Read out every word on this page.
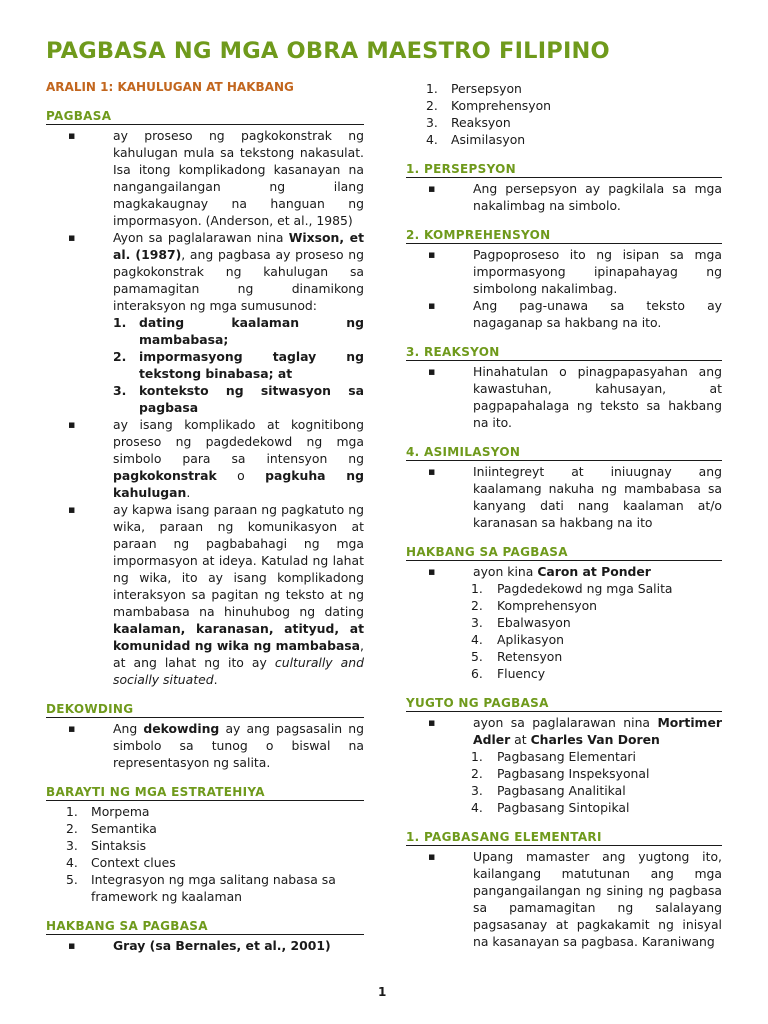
PAGBASA NG MGA OBRA MAESTRO FILIPINO
ARALIN 1: KAHULUGAN AT HAKBANG
PAGBASA

▪ ay proseso ng pagkokonstrak ng kahulugan mula sa tekstong nakasulat. Isa itong komplikadong kasanayan na nangangailangan ng ilang magkakaugnay na hanguan ng impormasyon. (Anderson, et al., 1985)

▪ Ayon sa paglalarawan nina Wixson, et al. (1987), ang pagbasa ay proseso ng pagkokonstrak ng kahulugan sa pamamagitan ng dinamikong interaksyon ng mga sumusunod:

1. dating kaalaman ng mambabasa;
2. impormasyong taglay ng tekstong binabasa; at
3. konteksto ng sitwasyon sa pagbasa

▪ ay isang komplikado at kognitibong proseso ng pagdedekowd ng mga simbolo para sa intensyon ng pagkokonstrak o pagkuha ng kahulugan.

▪ ay kapwa isang paraan ng pagkatuto ng wika, paraan ng komunikasyon at paraan ng pagbabahagi ng mga impormasyon at ideya. Katulad ng lahat ng wika, ito ay isang komplikadong interaksyon sa pagitan ng teksto at ng mambabasa na hinuhubog ng dating kaalaman, karanasan, atityud, at komunidad ng wika ng mambabasa, at ang lahat ng ito ay culturally and socially situated.

DEKOWDING

▪ Ang dekowding ay ang pagsasalin ng simbolo sa tunog o biswal na representasyon ng salita.

BARAYTI NG MGA ESTRATEHIYA
1. Morpema
2. Semantika
3. Sintaksis
4. Context clues
5. Integrasyon ng mga salitang nabasa sa framework ng kaalaman
HAKBANG SA PAGBASA

▪ Gray (sa Bernales, et al., 2001)

1. Persepsyon
2. Komprehensyon
3. Reaksyon
4. Asimilasyon
1. PERSEPSYON

▪ Ang persepsyon ay pagkilala sa mga nakalimbag na simbolo.

2. KOMPREHENSYON

▪ Pagpoproseso ito ng isipan sa mga impormasyong ipinapahayag ng simbolong nakalimbag.

▪ Ang pag-unawa sa teksto ay nagaganap sa hakbang na ito.

3. REAKSYON

▪ Hinahatulan o pinagpapasyahan ang kawastuhan, kahusayan, at pagpapahalaga ng teksto sa hakbang na ito.

4. ASIMILASYON

▪ Iniintegreyt at iniuugnay ang kaalamang nakuha ng mambabasa sa kanyang dati nang kaalaman at/o karanasan sa hakbang na ito

HAKBANG SA PAGBASA

▪ ayon kina Caron at Ponder

1. Pagdedekowd ng mga Salita
2. Komprehensyon
3. Ebalwasyon
4. Aplikasyon
5. Retensyon
6. Fluency
YUGTO NG PAGBASA

▪ ayon sa paglalarawan nina Mortimer Adler at Charles Van Doren

1. Pagbasang Elementari
2. Pagbasang Inspeksyonal
3. Pagbasang Analitikal
4. Pagbasang Sintopikal
1. PAGBASANG ELEMENTARI

▪ Upang mamaster ang yugtong ito, kailangang matutunan ang mga pangangailangan ng sining ng pagbasa sa pamamagitan ng salalayang pagsasanay at pagkakamit ng inisyal na kasanayan sa pagbasa. Karaniwang

1
